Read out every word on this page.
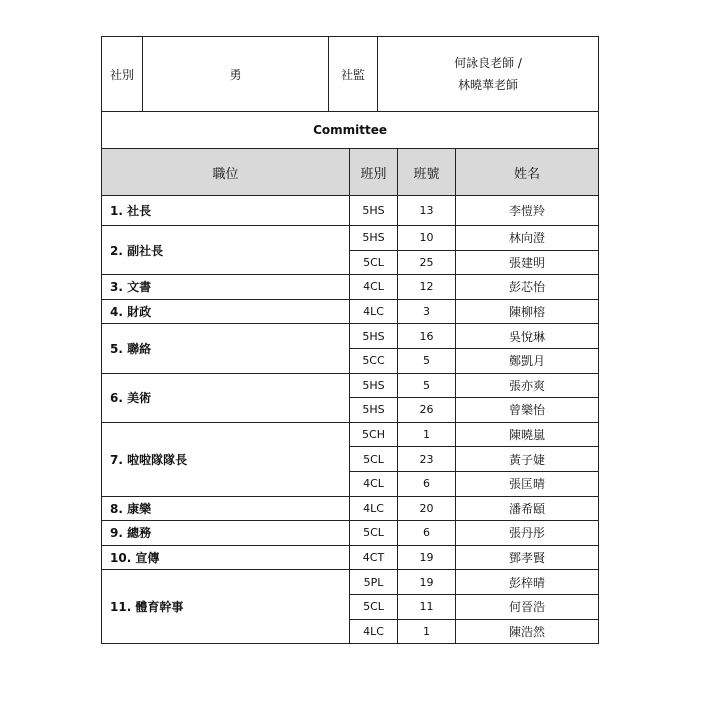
社別	勇	社監		何詠良老師 /
林曉華老師		

Committee						
職位			班別		班號	姓名
1. 社長			5HS		13	李愷羚
2. 副社長			5HS		10	林向澄
			5CL		25	張建明
3. 文書			4CL		12	彭芯怡
4. 財政			4LC		3	陳柳榕
5. 聯絡			5HS		16	吳悅琳
			5CC		5	鄭凱月
6. 美術			5HS		5	張亦爽
			5HS		26	曾樂怡
7. 啦啦隊隊長			5CH		1	陳曉嵐
			5CL		23	黃子婕
			4CL		6	張匡晴
8. 康樂			4LC		20	潘希頤
9. 總務			5CL		6	張丹彤
10. 宣傳			4CT		19	鄧孝賢
11. 體育幹事			5PL		19	彭梓晴
			5CL		11	何晉浩
			4LC		1	陳浩然
